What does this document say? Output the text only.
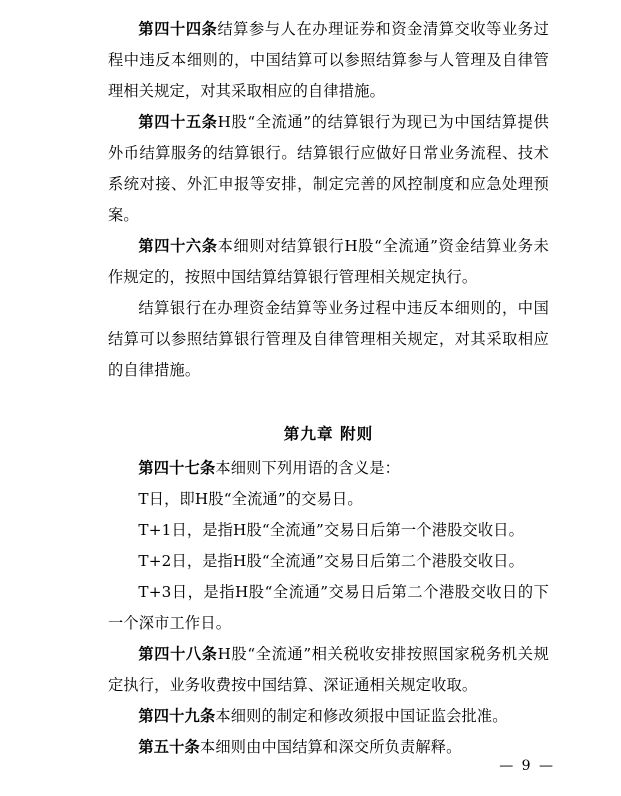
第四十四条结算参与人在办理证券和资金清算交收等业务过程中违反本细则的，中国结算可以参照结算参与人管理及自律管理相关规定，对其采取相应的自律措施。

第四十五条H股“全流通”的结算银行为现已为中国结算提供外币结算服务的结算银行。结算银行应做好日常业务流程、技术系统对接、外汇申报等安排，制定完善的风控制度和应急处理预案。

第四十六条本细则对结算银行H股“全流通”资金结算业务未作规定的，按照中国结算结算银行管理相关规定执行。

结算银行在办理资金结算等业务过程中违反本细则的，中国结算可以参照结算银行管理及自律管理相关规定，对其采取相应的自律措施。

第九章 附则

第四十七条本细则下列用语的含义是：

T日，即H股“全流通”的交易日。

T+1日，是指H股“全流通”交易日后第一个港股交收日。

T+2日，是指H股“全流通”交易日后第二个港股交收日。

T+3日，是指H股“全流通”交易日后第二个港股交收日的下一个深市工作日。

第四十八条H股“全流通”相关税收安排按照国家税务机关规定执行，业务收费按中国结算、深证通相关规定收取。

第四十九条本细则的制定和修改须报中国证监会批准。

第五十条本细则由中国结算和深交所负责解释。

— 9 —
